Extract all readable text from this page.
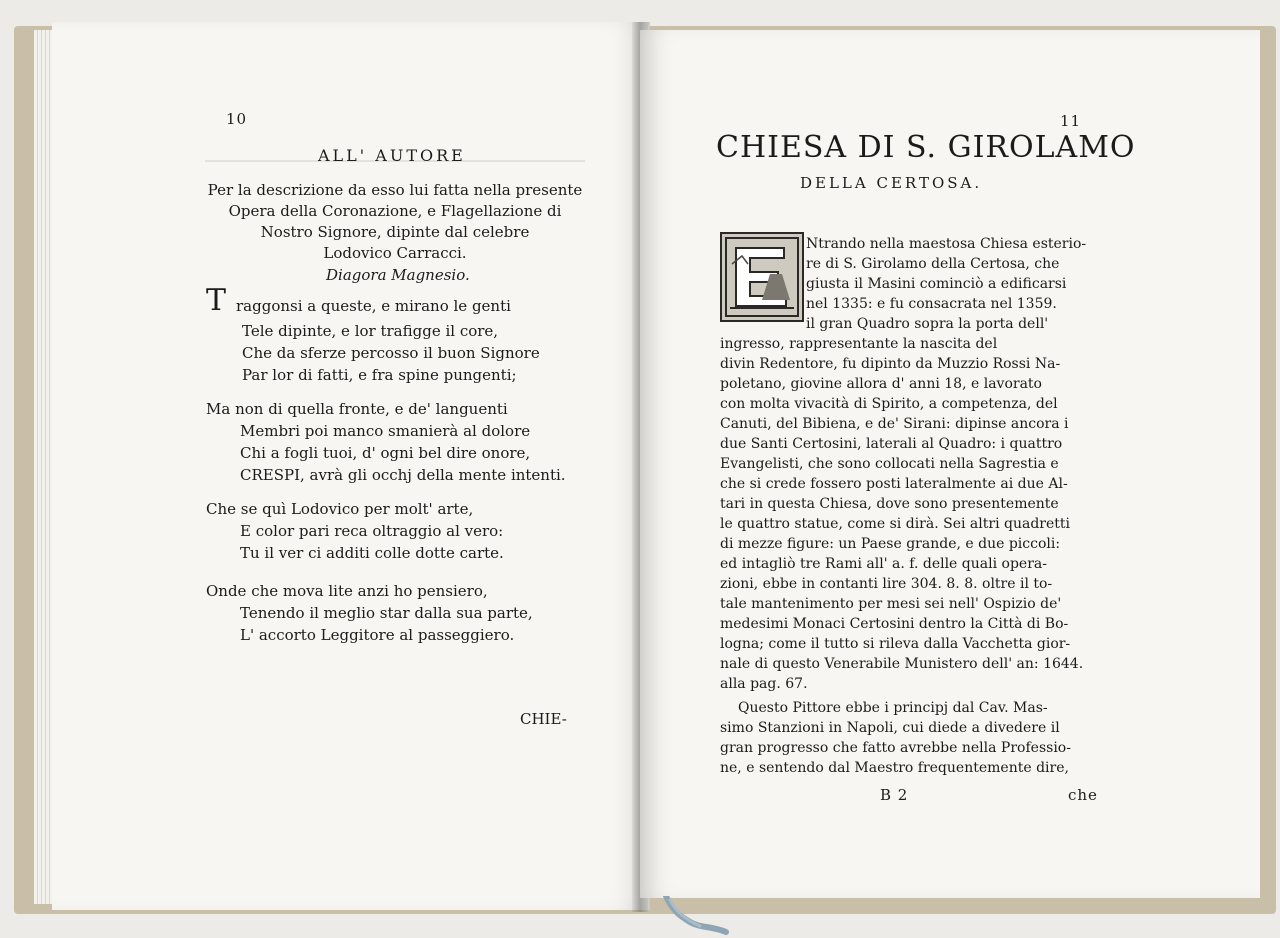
10
ALL' AUTORE
Per la descrizione da esso lui fatta nella presente
Opera della Coronazione, e Flagellazione di
Nostro Signore, dipinte dal celebre
Lodovico Carracci.
Diagora Magnesio.
T raggonsi a queste, e mirano le genti
Tele dipinte, e lor trafigge il core,
Che da sferze percosso il buon Signore
Par lor di fatti, e fra spine pungenti;
Ma non di quella fronte, e de' languenti
Membri poi manco smanierà al dolore
Chi a fogli tuoi, d' ogni bel dire onore,
CRESPI, avrà gli occhj della mente intenti.
Che se quì Lodovico per molt' arte,
E color pari reca oltraggio al vero:
Tu il ver ci additi colle dotte carte.
Onde che mova lite anzi ho pensiero,
Tenendo il meglio star dalla sua parte,
L' accorto Leggitore al passeggiero.
CHIE-
11
CHIESA DI S. GIROLAMO
DELLA CERTOSA.
Ntrando nella maestosa Chiesa esterio-
re di S. Girolamo della Certosa, che
giusta il Masini cominciò a edificarsi
nel 1335: e fu consacrata nel 1359.
il gran Quadro sopra la porta dell'
ingresso, rappresentante la nascita del
divin Redentore, fu dipinto da Muzzio Rossi Na-
poletano, giovine allora d' anni 18, e lavorato
con molta vivacità di Spirito, a competenza, del
Canuti, del Bibiena, e de' Sirani: dipinse ancora i
due Santi Certosini, laterali al Quadro: i quattro
Evangelisti, che sono collocati nella Sagrestia e
che si crede fossero posti lateralmente ai due Al-
tari in questa Chiesa, dove sono presentemente
le quattro statue, come si dirà. Sei altri quadretti
di mezze figure: un Paese grande, e due piccoli:
ed intagliò tre Rami all' a. f. delle quali opera-
zioni, ebbe in contanti lire 304. 8. 8. oltre il to-
tale mantenimento per mesi sei nell' Ospizio de'
medesimi Monaci Certosini dentro la Città di Bo-
logna; come il tutto si rileva dalla Vacchetta gior-
nale di questo Venerabile Munistero dell' an: 1644.
alla pag. 67.
Questo Pittore ebbe i principj dal Cav. Mas-
simo Stanzioni in Napoli, cui diede a divedere il
gran progresso che fatto avrebbe nella Professio-
ne, e sentendo dal Maestro frequentemente dire,
B 2	che
